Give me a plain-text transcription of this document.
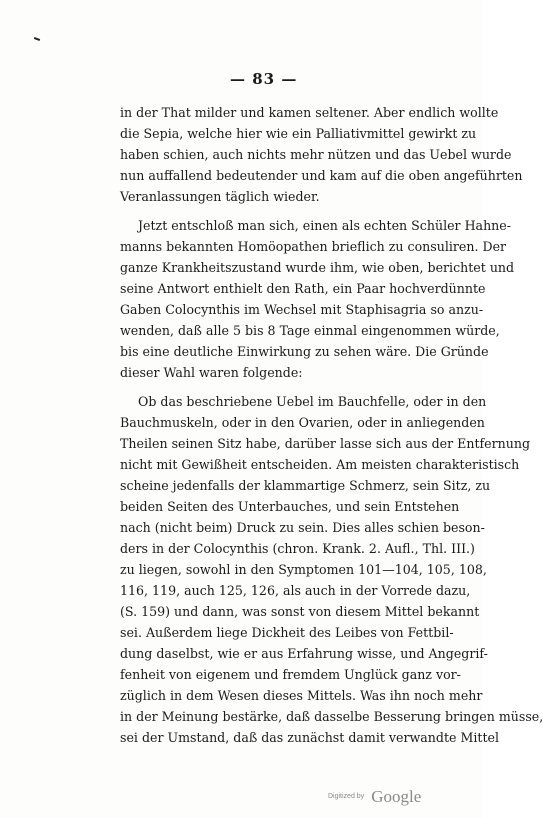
— 83 —
in der That milder und kamen seltener. Aber endlich wollte
die Sepia, welche hier wie ein Palliativmittel gewirkt zu
haben schien, auch nichts mehr nützen und das Uebel wurde
nun auffallend bedeutender und kam auf die oben angeführten
Veranlassungen täglich wieder.
Jetzt entschloß man sich, einen als echten Schüler Hahne-
manns bekannten Homöopathen brieflich zu consuliren. Der
ganze Krankheitszustand wurde ihm, wie oben, berichtet und
seine Antwort enthielt den Rath, ein Paar hochverdünnte
Gaben Colocynthis im Wechsel mit Staphisagria so anzu-
wenden, daß alle 5 bis 8 Tage einmal eingenommen würde,
bis eine deutliche Einwirkung zu sehen wäre. Die Gründe
dieser Wahl waren folgende:
Ob das beschriebene Uebel im Bauchfelle, oder in den
Bauchmuskeln, oder in den Ovarien, oder in anliegenden
Theilen seinen Sitz habe, darüber lasse sich aus der Entfernung
nicht mit Gewißheit entscheiden. Am meisten charakteristisch
scheine jedenfalls der klammartige Schmerz, sein Sitz, zu
beiden Seiten des Unterbauches, und sein Entstehen
nach (nicht beim) Druck zu sein. Dies alles schien beson-
ders in der Colocynthis (chron. Krank. 2. Aufl., Thl. III.)
zu liegen, sowohl in den Symptomen 101—104, 105, 108,
116, 119, auch 125, 126, als auch in der Vorrede dazu,
(S. 159) und dann, was sonst von diesem Mittel bekannt
sei. Außerdem liege Dickheit des Leibes von Fettbil-
dung daselbst, wie er aus Erfahrung wisse, und Angegrif-
fenheit von eigenem und fremdem Unglück ganz vor-
züglich in dem Wesen dieses Mittels. Was ihn noch mehr
in der Meinung bestärke, daß dasselbe Besserung bringen müsse,
sei der Umstand, daß das zunächst damit verwandte Mittel
Digitized by Google
